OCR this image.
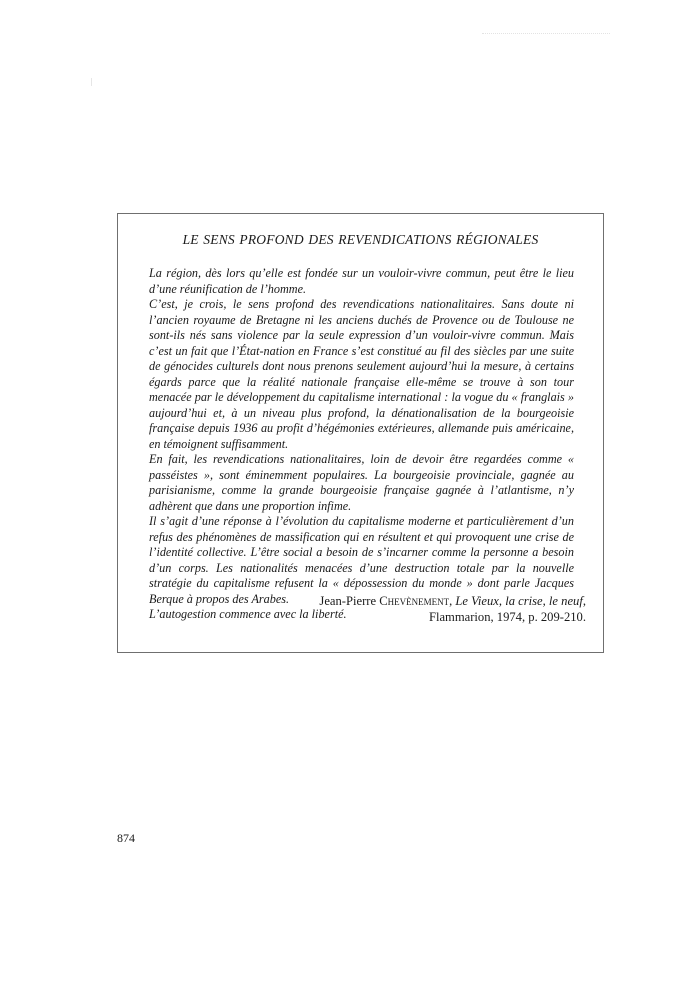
LE SENS PROFOND DES REVENDICATIONS RÉGIONALES

La région, dès lors qu’elle est fondée sur un vouloir-vivre commun, peut être le lieu d’une réunification de l’homme.

C’est, je crois, le sens profond des revendications nationalitaires. Sans doute ni l’ancien royaume de Bretagne ni les anciens duchés de Provence ou de Toulouse ne sont-ils nés sans violence par la seule expression d’un vouloir-vivre commun. Mais c’est un fait que l’État-nation en France s’est constitué au fil des siècles par une suite de génocides culturels dont nous prenons seulement aujourd’hui la mesure, à certains égards parce que la réalité nationale française elle-même se trouve à son tour menacée par le développement du capitalisme international : la vogue du « franglais » aujourd’hui et, à un niveau plus profond, la dénationalisation de la bourgeoisie française depuis 1936 au profit d’hégémonies extérieures, allemande puis américaine, en témoignent suffisamment.

En fait, les revendications nationalitaires, loin de devoir être regardées comme « passéistes », sont éminemment populaires. La bourgeoisie provinciale, gagnée au parisianisme, comme la grande bourgeoisie française gagnée à l’atlantisme, n’y adhèrent que dans une proportion infime.

Il s’agit d’une réponse à l’évolution du capitalisme moderne et particulièrement d’un refus des phénomènes de massification qui en résultent et qui provoquent une crise de l’identité collective. L’être social a besoin de s’incarner comme la personne a besoin d’un corps. Les nationalités menacées d’une destruction totale par la nouvelle stratégie du capitalisme refusent la « dépossession du monde » dont parle Jacques Berque à propos des Arabes.

L’autogestion commence avec la liberté.

Jean-Pierre Chevènement, Le Vieux, la crise, le neuf,
Flammarion, 1974, p. 209-210.
874
